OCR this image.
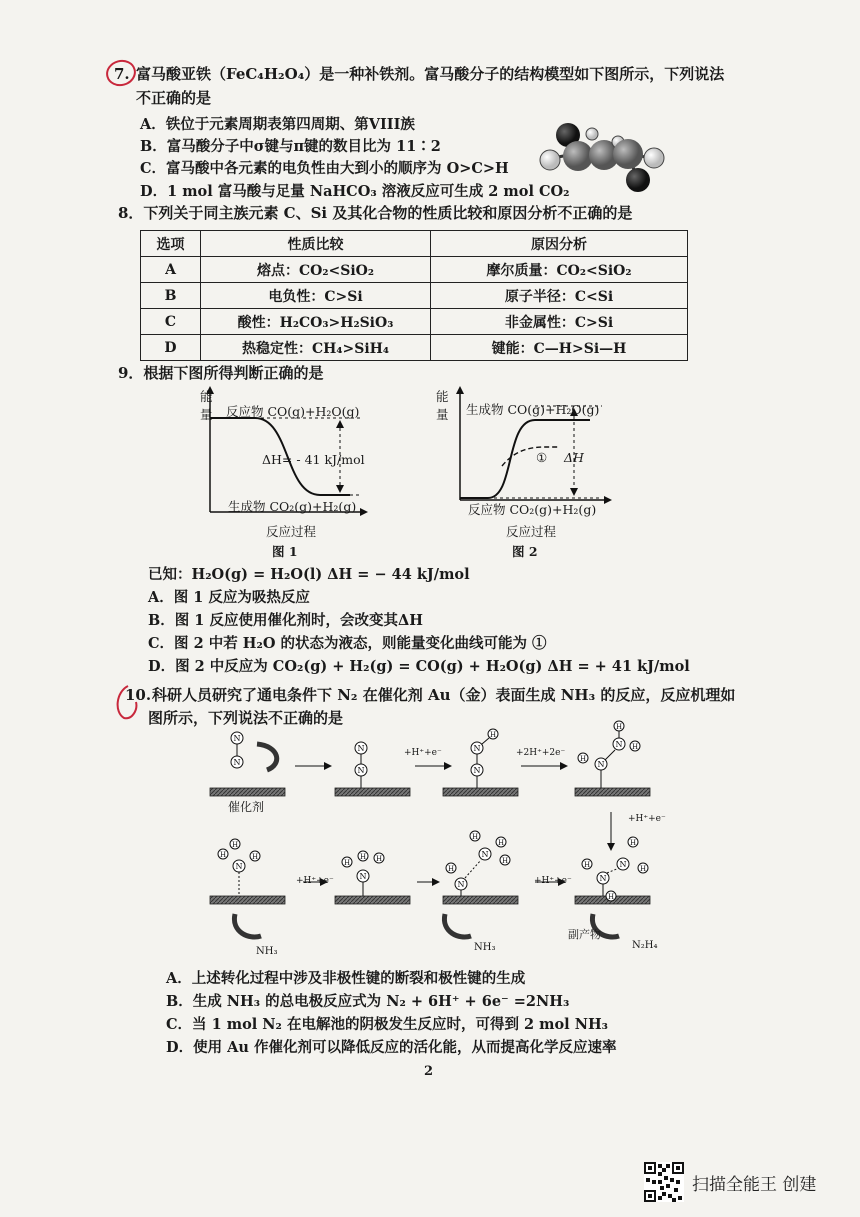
7. 富马酸亚铁（FeC₄H₂O₄）是一种补铁剂。富马酸分子的结构模型如下图所示，下列说法
不正确的是
A．铁位于元素周期表第四周期、第VIII族
B．富马酸分子中σ键与π键的数目比为 11∶2
C．富马酸中各元素的电负性由大到小的顺序为 O>C>H
D．1 mol 富马酸与足量 NaHCO₃ 溶液反应可生成 2 mol CO₂
8．下列关于同主族元素 C、Si 及其化合物的性质比较和原因分析不正确的是
选项	性质比较	原因分析
A	熔点：CO₂<SiO₂	摩尔质量：CO₂<SiO₂
B	电负性：C>Si	原子半径：C<Si
C	酸性：H₂CO₃>H₂SiO₃	非金属性：C>Si
D	热稳定性：CH₄>SiH₄	键能：C—H>Si—H
9．根据下图所得判断正确的是
能量 反应物 CO(g)+H₂O(g)
ΔH= - 41 kJ/mol
生成物 CO₂(g)+H₂(g)
反应过程
图 1
能量 生成物 CO(g)+H₂O(g)
① ΔH
反应物 CO₂(g)+H₂(g)
反应过程
图 2
已知：H₂O(g) = H₂O(l) ΔH = − 44 kJ/mol
A．图 1 反应为吸热反应
B．图 1 反应使用催化剂时，会改变其ΔH
C．图 2 中若 H₂O 的状态为液态，则能量变化曲线可能为 ①
D．图 2 中反应为 CO₂(g) + H₂(g) = CO(g) + H₂O(g) ΔH = + 41 kJ/mol
10. 科研人员研究了通电条件下 N₂ 在催化剂 Au（金）表面生成 NH₃ 的反应，反应机理如
图所示，下列说法不正确的是
N
N
N
N
N
N
H
N
N
H
H
H
N
N
H
H
H
H
N
N
H
H
H
H
N
H
H H
N
H	H
H
催化剂
+H⁺+e⁻	+2H⁺+2e⁻
+H⁺+e⁻
+H⁺+e⁻
+H⁺+e⁻
副产物
N₂H₄
NH₃
NH₃
A．上述转化过程中涉及非极性键的断裂和极性键的生成
B．生成 NH₃ 的总电极反应式为 N₂ + 6H⁺ + 6e⁻ =2NH₃
C．当 1 mol N₂ 在电解池的阴极发生反应时，可得到 2 mol NH₃
D．使用 Au 作催化剂可以降低反应的活化能，从而提高化学反应速率
2
扫描全能王 创建
